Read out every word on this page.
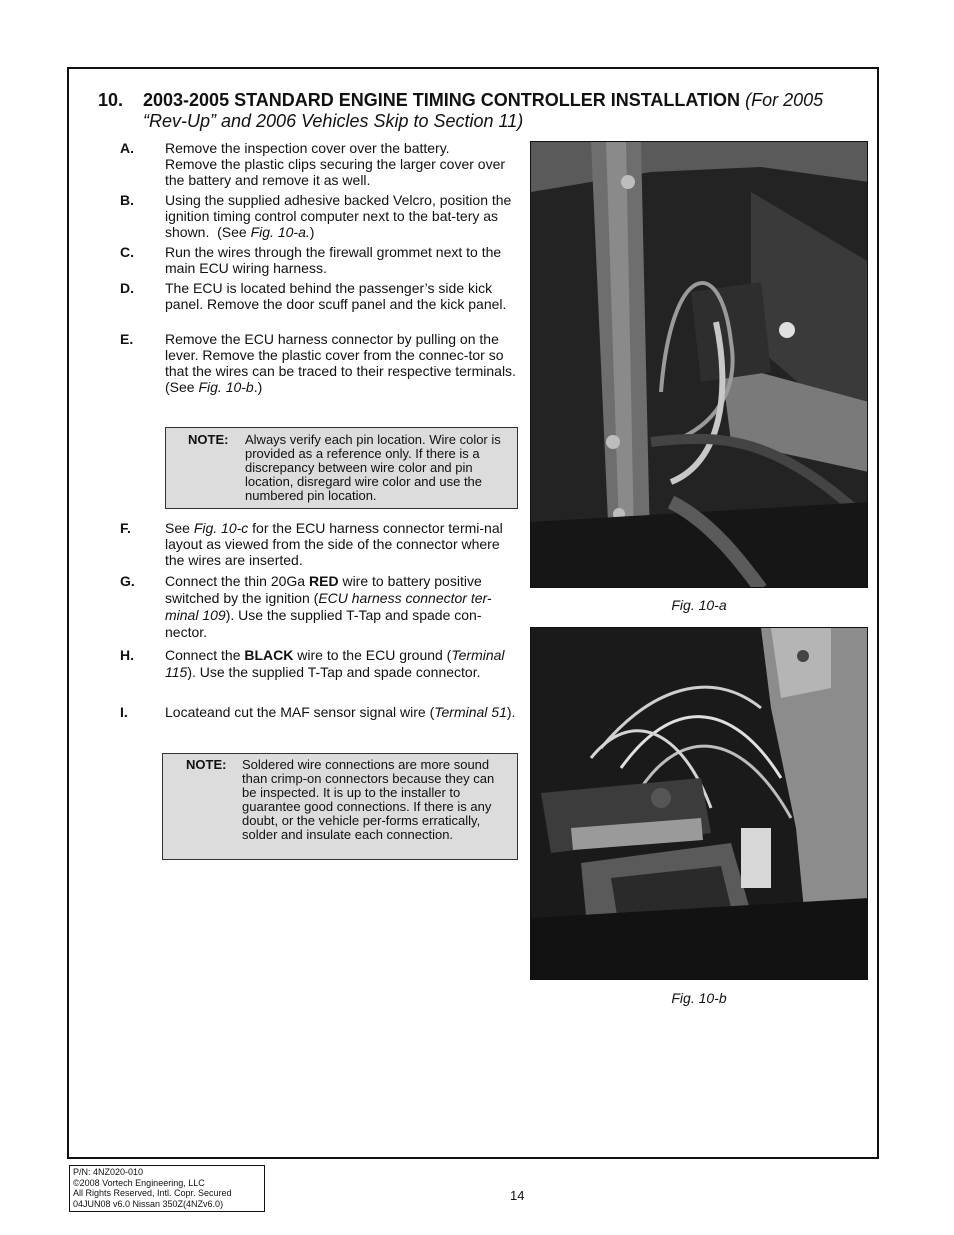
10. 2003-2005 STANDARD ENGINE TIMING CONTROLLER INSTALLATION (For 2005
“Rev-Up” and 2006 Vehicles Skip to Section 11)
A. Remove the inspection cover over the battery.
Remove the plastic clips securing the larger cover over the battery and remove it as well.
B. Using the supplied adhesive backed Velcro, position the ignition timing control computer next to the bat-tery as shown.  (See Fig. 10-a.)
C. Run the wires through the firewall grommet next to the main ECU wiring harness.
D. The ECU is located behind the passenger’s side kick panel. Remove the door scuff panel and the kick panel.
E. Remove the ECU harness connector by pulling on the lever. Remove the plastic cover from the connec-tor so that the wires can be traced to their respective terminals.  (See Fig. 10-b.)
NOTE: Always verify each pin location. Wire color is provided as a reference only. If there is a discrepancy between wire color and pin location, disregard wire color and use the numbered pin location.
F. See Fig. 10-c for the ECU harness connector termi-nal layout as viewed from the side of the connector where the wires are inserted.
G. Connect the thin 20Ga RED wire to battery positive switched by the ignition (ECU harness connector ter-minal 109). Use the supplied T-Tap and spade con-nector.
H. Connect the BLACK wire to the ECU ground (Terminal 115). Use the supplied T-Tap and spade connector.
I.	Locateand cut the MAF sensor signal wire (Terminal 51).
NOTE: Soldered wire connections are more sound than crimp-on connectors because they can be inspected. It is up to the installer to guarantee good connections. If there is any doubt, or the vehicle per-forms erratically, solder and insulate each connection.
Fig. 10-a
Fig. 10-b
P/N: 4NZ020-010
©2008 Vortech Engineering, LLC
All Rights Reserved, Intl. Copr. Secured
04JUN08 v6.0 Nissan 350Z(4NZv6.0)
14
